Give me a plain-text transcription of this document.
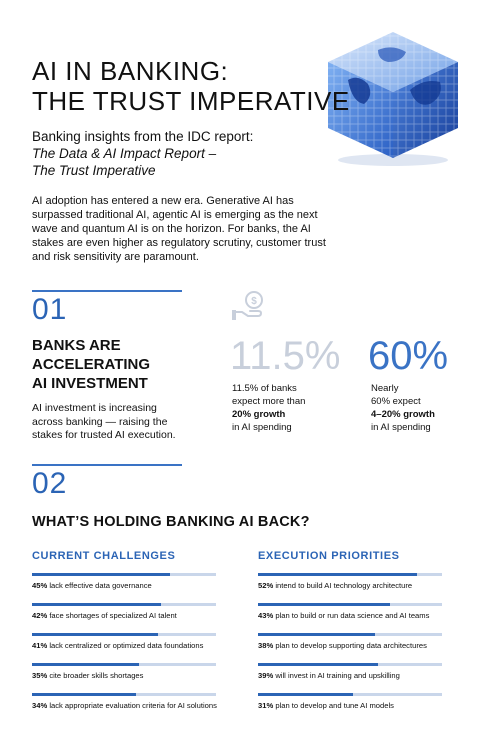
AI IN BANKING:
THE TRUST IMPERATIVE
Banking insights from the IDC report:
The Data & AI Impact Report –
The Trust Imperative
AI adoption has entered a new era. Generative AI has surpassed traditional AI, agentic AI is emerging as the next wave and quantum AI is on the horizon. For banks, the AI stakes are even higher as regulatory scrutiny, customer trust and risk sensitivity are paramount.
01
BANKS ARE
ACCELERATING
AI INVESTMENT
AI investment is increasing
across banking — raising the
stakes for trusted AI execution.
$
11.5%
11.5% of banks
expect more than
20% growth
in AI spending
60%
Nearly
60% expect
4–20% growth
in AI spending
02
WHAT’S HOLDING BANKING AI BACK?
CURRENT CHALLENGES	EXECUTION PRIORITIES
45% lack effective data governance
42% face shortages of specialized AI talent
41% lack centralized or optimized data foundations
35% cite broader skills shortages
34% lack appropriate evaluation criteria for AI solutions
52% intend to build AI technology architecture
43% plan to build or run data science and AI teams
38% plan to develop supporting data architectures
39% will invest in AI training and upskilling
31% plan to develop and tune AI models
